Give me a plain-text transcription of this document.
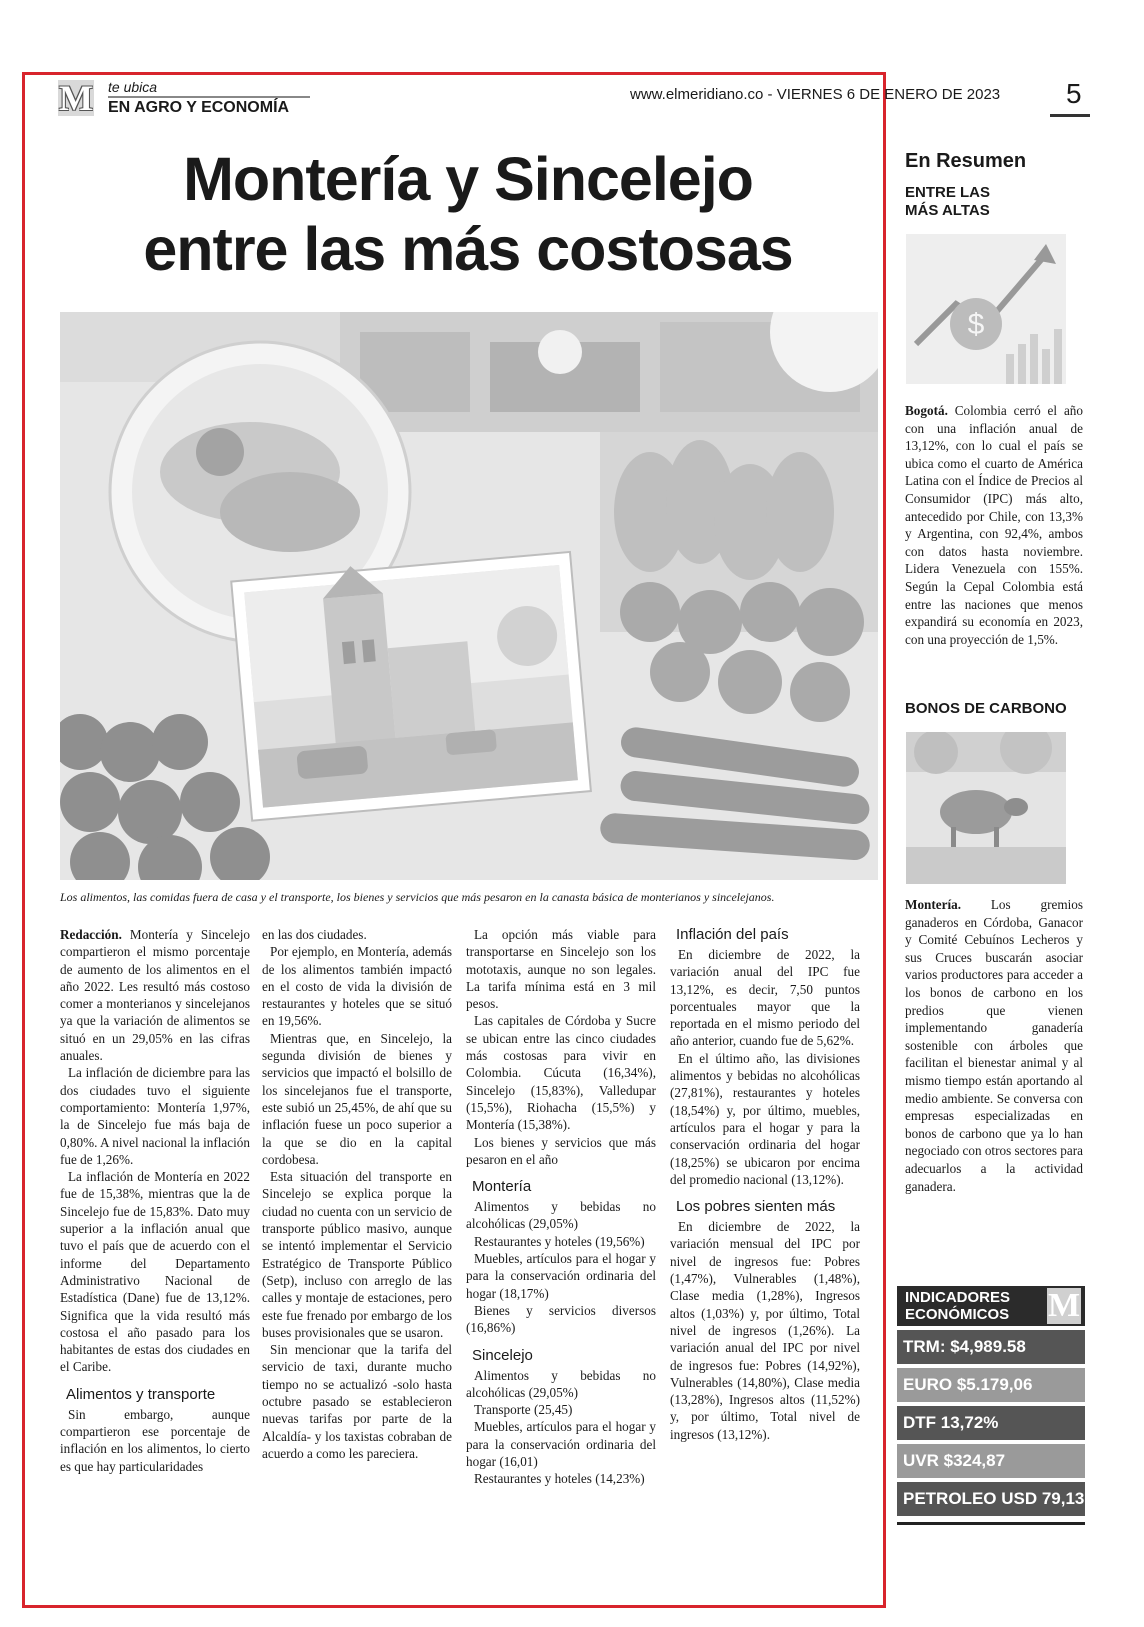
M te ubica
EN AGRO Y ECONOMÍA
www.elmeridiano.co - VIERNES 6 DE ENERO DE 2023 5
Montería y Sincelejo
entre las más costosas
Los alimentos, las comidas fuera de casa y el transporte, los bienes y servicios que más pesaron en la canasta básica de monterianos y sincelejanos.

Redacción. Montería y Sincelejo compartieron el mismo porcentaje de aumento de los alimentos en el año 2022. Les resultó más costoso comer a monterianos y sincelejanos ya que la variación de alimentos se situó en un 29,05% en las cifras anuales.

La inflación de diciembre para las dos ciudades tuvo el siguiente comportamiento: Montería 1,97%, la de Sincelejo fue más baja de 0,80%. A nivel nacional la inflación fue de 1,26%.

La inflación de Montería en 2022 fue de 15,38%, mientras que la de Sincelejo fue de 15,83%. Dato muy superior a la inflación anual que tuvo el país que de acuerdo con el informe del Departamento Administrativo Nacional de Estadística (Dane) fue de 13,12%. Significa que la vida resultó más costosa el año pasado para los habitantes de estas dos ciudades en el Caribe.

Alimentos y transporte

Sin embargo, aunque compartieron ese porcentaje de inflación en los alimentos, lo cierto es que hay particularidades

en las dos ciudades.

Por ejemplo, en Montería, además de los alimentos también impactó en el costo de vida la división de restaurantes y hoteles que se situó en 19,56%.

Mientras que, en Sincelejo, la segunda división de bienes y servicios que impactó el bolsillo de los sincelejanos fue el transporte, este subió un 25,45%, de ahí que su inflación fuese un poco superior a la que se dio en la capital cordobesa.

Esta situación del transporte en Sincelejo se explica porque la ciudad no cuenta con un servicio de transporte público masivo, aunque se intentó implementar el Servicio Estratégico de Transporte Público (Setp), incluso con arreglo de las calles y montaje de estaciones, pero este fue frenado por embargo de los buses provisionales que se usaron.

Sin mencionar que la tarifa del servicio de taxi, durante mucho tiempo no se actualizó -solo hasta octubre pasado se establecieron nuevas tarifas por parte de la Alcaldía- y los taxistas cobraban de acuerdo a como les pareciera.

La opción más viable para transportarse en Sincelejo son los mototaxis, aunque no son legales. La tarifa mínima está en 3 mil pesos.

Las capitales de Córdoba y Sucre se ubican entre las cinco ciudades más costosas para vivir en Colombia. Cúcuta (16,34%), Sincelejo (15,83%), Valledupar (15,5%), Riohacha (15,5%) y Montería (15,38%).

Los bienes y servicios que más pesaron en el año

Montería

Alimentos y bebidas no alcohólicas (29,05%)

Restaurantes y hoteles (19,56%)

Muebles, artículos para el hogar y para la conservación ordinaria del hogar (18,17%)

Bienes y servicios diversos (16,86%)

Sincelejo

Alimentos y bebidas no alcohólicas (29,05%)

Transporte (25,45)

Muebles, artículos para el hogar y para la conservación ordinaria del hogar (16,01)

Restaurantes y hoteles (14,23%)

Inflación del país

En diciembre de 2022, la variación anual del IPC fue 13,12%, es decir, 7,50 puntos porcentuales mayor que la reportada en el mismo periodo del año anterior, cuando fue de 5,62%.

En el último año, las divisiones alimentos y bebidas no alcohólicas (27,81%), restaurantes y hoteles (18,54%) y, por último, muebles, artículos para el hogar y para la conservación ordinaria del hogar (18,25%) se ubicaron por encima del promedio nacional (13,12%).

Los pobres sienten más

En diciembre de 2022, la variación mensual del IPC por nivel de ingresos fue: Pobres (1,47%), Vulnerables (1,48%), Clase media (1,28%), Ingresos altos (1,03%) y, por último, Total nivel de ingresos (1,26%). La variación anual del IPC por nivel de ingresos fue: Pobres (14,92%), Vulnerables (14,80%), Clase media (13,28%), Ingresos altos (11,52%) y, por último, Total nivel de ingresos (13,12%).

En Resumen
ENTRE LAS MÁS ALTAS
$

Bogotá. Colombia cerró el año con una inflación anual de 13,12%, con lo cual el país se ubica como el cuarto de América Latina con el Índice de Precios al Consumidor (IPC) más alto, antecedido por Chile, con 13,3% y Argentina, con 92,4%, ambos con datos hasta noviembre. Lidera Venezuela con 155%. Según la Cepal Colombia está entre las naciones que menos expandirá su economía en 2023, con una proyección de 1,5%.

BONOS DE CARBONO

Montería. Los gremios ganaderos en Córdoba, Ganacor y Comité Cebuínos Lecheros y sus Cruces buscarán asociar varios productores para acceder a los bonos de carbono en los predios que vienen implementando ganadería sostenible con árboles que facilitan el bienestar animal y al mismo tiempo están aportando al medio ambiente. Se conversa con empresas especializadas en bonos de carbono que ya lo han negociado con otros sectores para adecuarlos a la actividad ganadera.

INDICADORES
ECONÓMICOS M
TRM: $4,989.58
EURO $5.179,06
DTF 13,72%
UVR $324,87
PETROLEO USD 79,13
